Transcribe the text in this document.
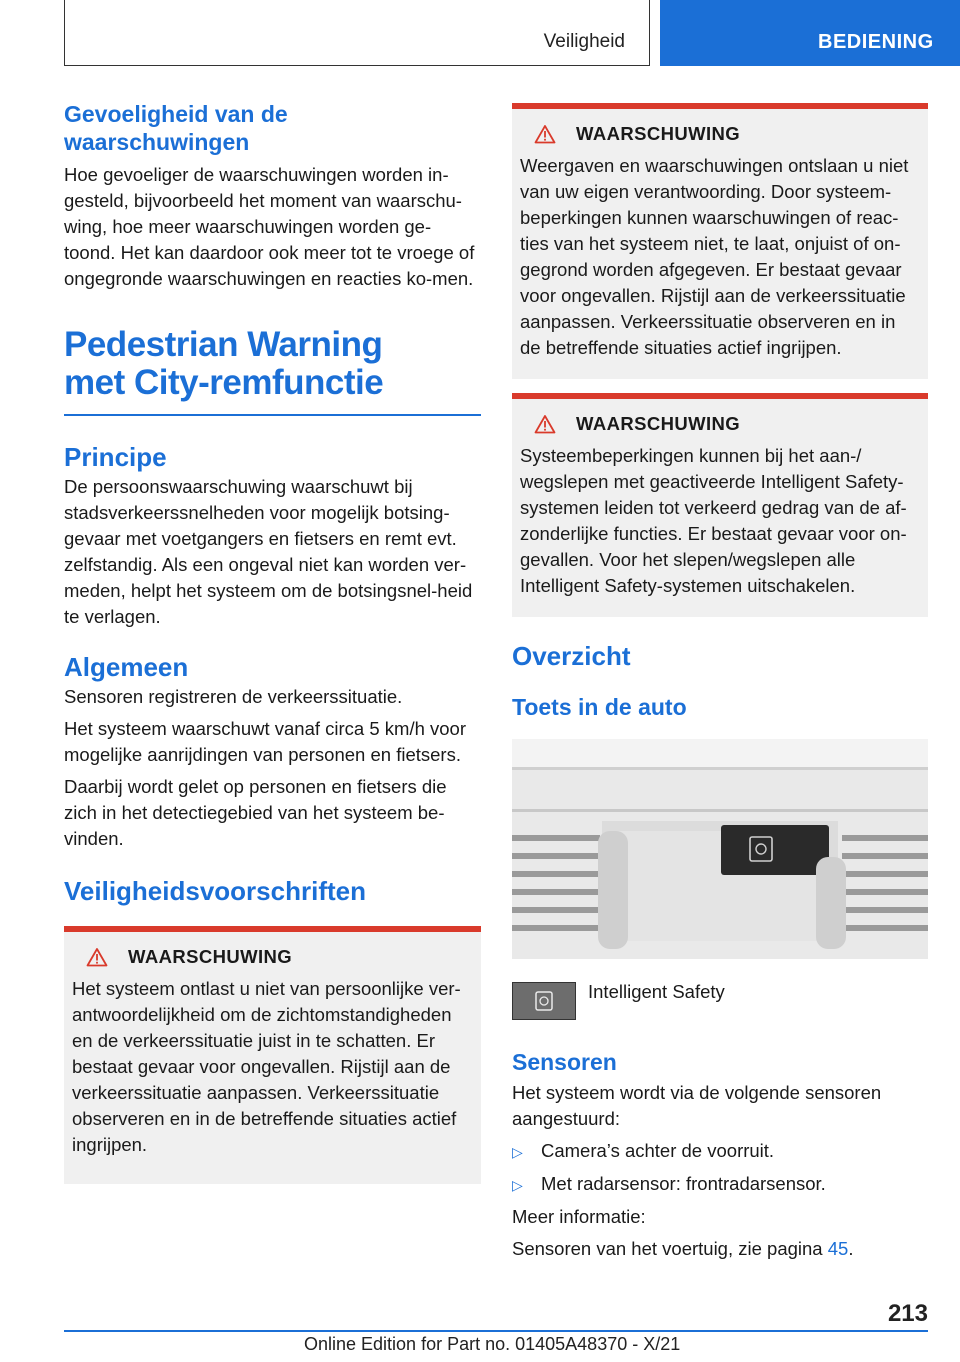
Veiligheid	BEDIENING
Gevoeligheid van de waarschuwingen

Hoe gevoeliger de waarschuwingen worden in-gesteld, bijvoorbeeld het moment van waarschu-wing, hoe meer waarschuwingen worden ge-toond. Het kan daardoor ook meer tot te vroege of ongegronde waarschuwingen en reacties ko-men.

Pedestrian Warning met City-remfunctie
Principe

De persoonswaarschuwing waarschuwt bij stadsverkeerssnelheden voor mogelijk botsing-gevaar met voetgangers en fietsers en remt evt. zelfstandig. Als een ongeval niet kan worden ver-meden, helpt het systeem om de botsingsnel-heid te verlagen.

Algemeen

Sensoren registreren de verkeerssituatie.

Het systeem waarschuwt vanaf circa 5 km/h voor mogelijke aanrijdingen van personen en fietsers.

Daarbij wordt gelet op personen en fietsers die zich in het detectiegebied van het systeem be-vinden.

Veiligheidsvoorschriften
WAARSCHUWING

Het systeem ontlast u niet van persoonlijke ver-antwoordelijkheid om de zichtomstandigheden en de verkeerssituatie juist in te schatten. Er bestaat gevaar voor ongevallen. Rijstijl aan de verkeerssituatie aanpassen. Verkeerssituatie observeren en in de betreffende situaties actief ingrijpen.

WAARSCHUWING

Weergaven en waarschuwingen ontslaan u niet van uw eigen verantwoording. Door systeem-beperkingen kunnen waarschuwingen of reac-ties van het systeem niet, te laat, onjuist of on-gegrond worden afgegeven. Er bestaat gevaar voor ongevallen. Rijstijl aan de verkeerssituatie aanpassen. Verkeerssituatie observeren en in de betreffende situaties actief ingrijpen.

WAARSCHUWING

Systeembeperkingen kunnen bij het aan-/ wegslepen met geactiveerde Intelligent Safety-systemen leiden tot verkeerd gedrag van de af-zonderlijke functies. Er bestaat gevaar voor on-gevallen. Voor het slepen/wegslepen alle Intelligent Safety-systemen uitschakelen.

Overzicht
Toets in de auto

Intelligent Safety

Sensoren

Het systeem wordt via de volgende sensoren aangestuurd:

▷ Camera’s achter de voorruit.
▷ Met radarsensor: frontradarsensor.

Meer informatie:

Sensoren van het voertuig, zie pagina 45.

213
Online Edition for Part no. 01405A48370 - X/21
